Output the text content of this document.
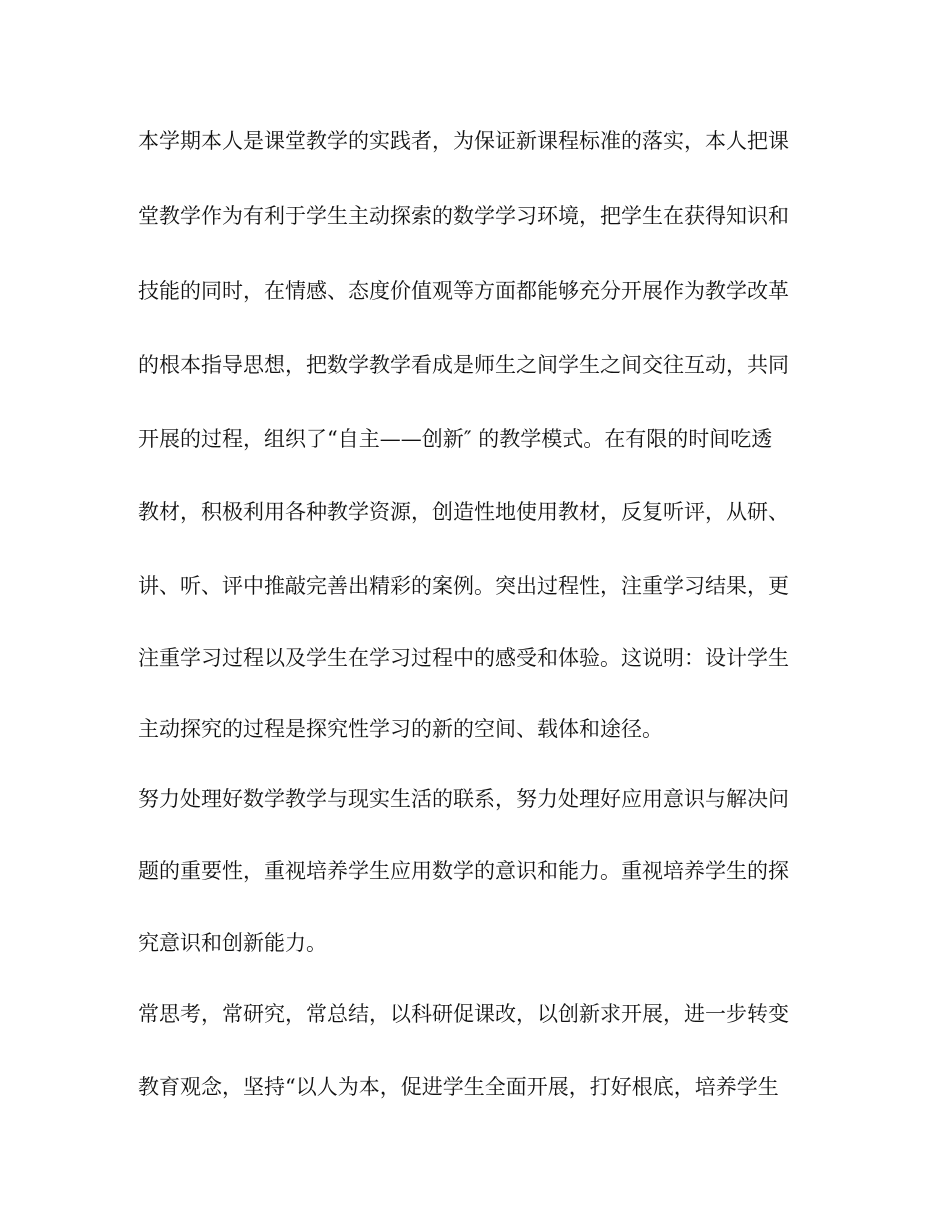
本学期本人是课堂教学的实践者，为保证新课程标准的落实，本人把课
堂教学作为有利于学生主动探索的数学学习环境，把学生在获得知识和
技能的同时，在情感、态度价值观等方面都能够充分开展作为教学改革
的根本指导思想，把数学教学看成是师生之间学生之间交往互动，共同
开展的过程，组织了“自主——创新″ 的教学模式。在有限的时间吃透
教材，积极利用各种教学资源，创造性地使用教材，反复听评，从研、
讲、听、评中推敲完善出精彩的案例。突出过程性，注重学习结果，更
注重学习过程以及学生在学习过程中的感受和体验。这说明：设计学生
主动探究的过程是探究性学习的新的空间、载体和途径。
努力处理好数学教学与现实生活的联系，努力处理好应用意识与解决问
题的重要性，重视培养学生应用数学的意识和能力。重视培养学生的探
究意识和创新能力。
常思考，常研究，常总结，以科研促课改，以创新求开展，进一步转变
教育观念，坚持“以人为本，促进学生全面开展，打好根底，培养学生
